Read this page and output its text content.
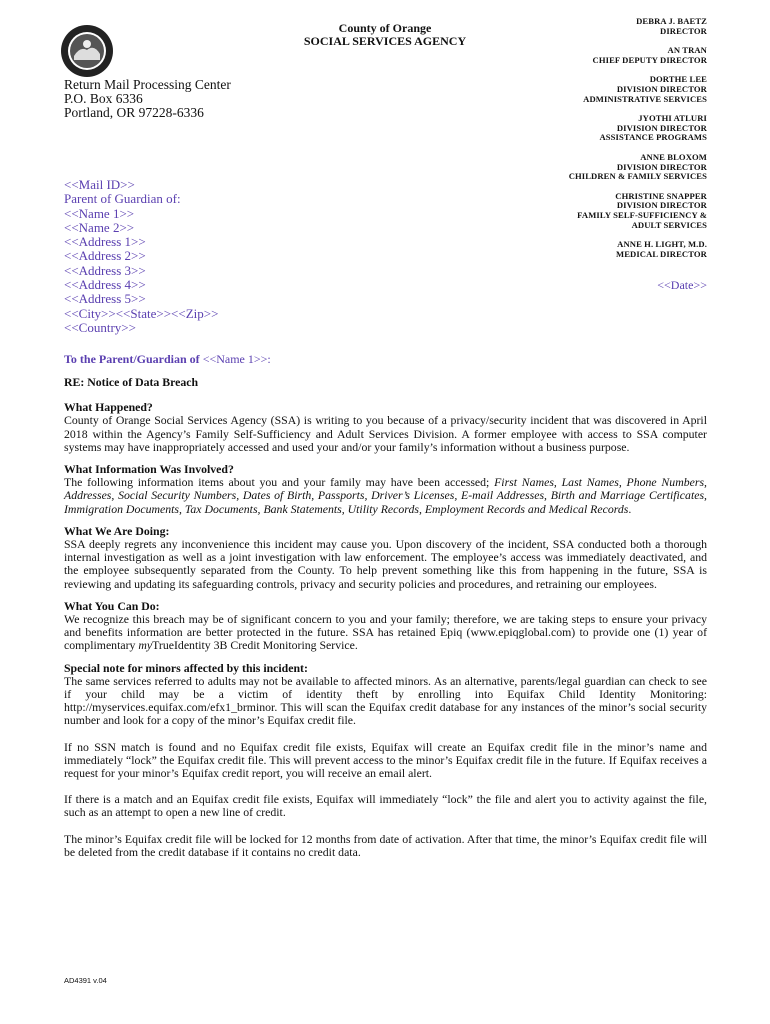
County of Orange
SOCIAL SERVICES AGENCY
Return Mail Processing Center
P.O. Box 6336
Portland, OR 97228-6336
DEBRA J. BAETZ
DIRECTOR
AN TRAN
CHIEF DEPUTY DIRECTOR
DORTHE LEE
DIVISION DIRECTOR
ADMINISTRATIVE SERVICES
JYOTHI ATLURI
DIVISION DIRECTOR
ASSISTANCE PROGRAMS
ANNE BLOXOM
DIVISION DIRECTOR
CHILDREN & FAMILY SERVICES
CHRISTINE SNAPPER
DIVISION DIRECTOR
FAMILY SELF-SUFFICIENCY &
ADULT SERVICES
ANNE H. LIGHT, M.D.
MEDICAL DIRECTOR
<<Mail ID>>
Parent of Guardian of:
<<Name 1>>
<<Name 2>>
<<Address 1>>
<<Address 2>>
<<Address 3>>
<<Address 4>>
<<Address 5>>
<<City>><<State>><<Zip>>
<<Country>>
<<Date>>
To the Parent/Guardian of <<Name 1>>:
RE: Notice of Data Breach
What Happened?

County of Orange Social Services Agency (SSA) is writing to you because of a privacy/security incident that was discovered in April 2018 within the Agency’s Family Self-Sufficiency and Adult Services Division. A former employee with access to SSA computer systems may have inappropriately accessed and used your and/or your family’s information without a business purpose.

What Information Was Involved?

The following information items about you and your family may have been accessed; First Names, Last Names, Phone Numbers, Addresses, Social Security Numbers, Dates of Birth, Passports, Driver’s Licenses, E-mail Addresses, Birth and Marriage Certificates, Immigration Documents, Tax Documents, Bank Statements, Utility Records, Employment Records and Medical Records.

What We Are Doing:

SSA deeply regrets any inconvenience this incident may cause you. Upon discovery of the incident, SSA conducted both a thorough internal investigation as well as a joint investigation with law enforcement. The employee’s access was immediately deactivated, and the employee subsequently separated from the County. To help prevent something like this from happening in the future, SSA is reviewing and updating its safeguarding controls, privacy and security policies and procedures, and retraining our employees.

What You Can Do:

We recognize this breach may be of significant concern to you and your family; therefore, we are taking steps to ensure your privacy and benefits information are better protected in the future. SSA has retained Epiq (www.epiqglobal.com) to provide one (1) year of complimentary myTrueIdentity 3B Credit Monitoring Service.

Special note for minors affected by this incident:

The same services referred to adults may not be available to affected minors. As an alternative, parents/legal guardian can check to see if your child may be a victim of identity theft by enrolling into Equifax Child Identity Monitoring: http://myservices.equifax.com/efx1_brminor. This will scan the Equifax credit database for any instances of the minor’s social security number and look for a copy of the minor’s Equifax credit file.

If no SSN match is found and no Equifax credit file exists, Equifax will create an Equifax credit file in the minor’s name and immediately “lock” the Equifax credit file. This will prevent access to the minor’s Equifax credit file in the future. If Equifax receives a request for your minor’s Equifax credit report, you will receive an email alert.

If there is a match and an Equifax credit file exists, Equifax will immediately “lock” the file and alert you to activity against the file, such as an attempt to open a new line of credit.

The minor’s Equifax credit file will be locked for 12 months from date of activation. After that time, the minor’s Equifax credit file will be deleted from the credit database if it contains no credit data.

AD4391 v.04
